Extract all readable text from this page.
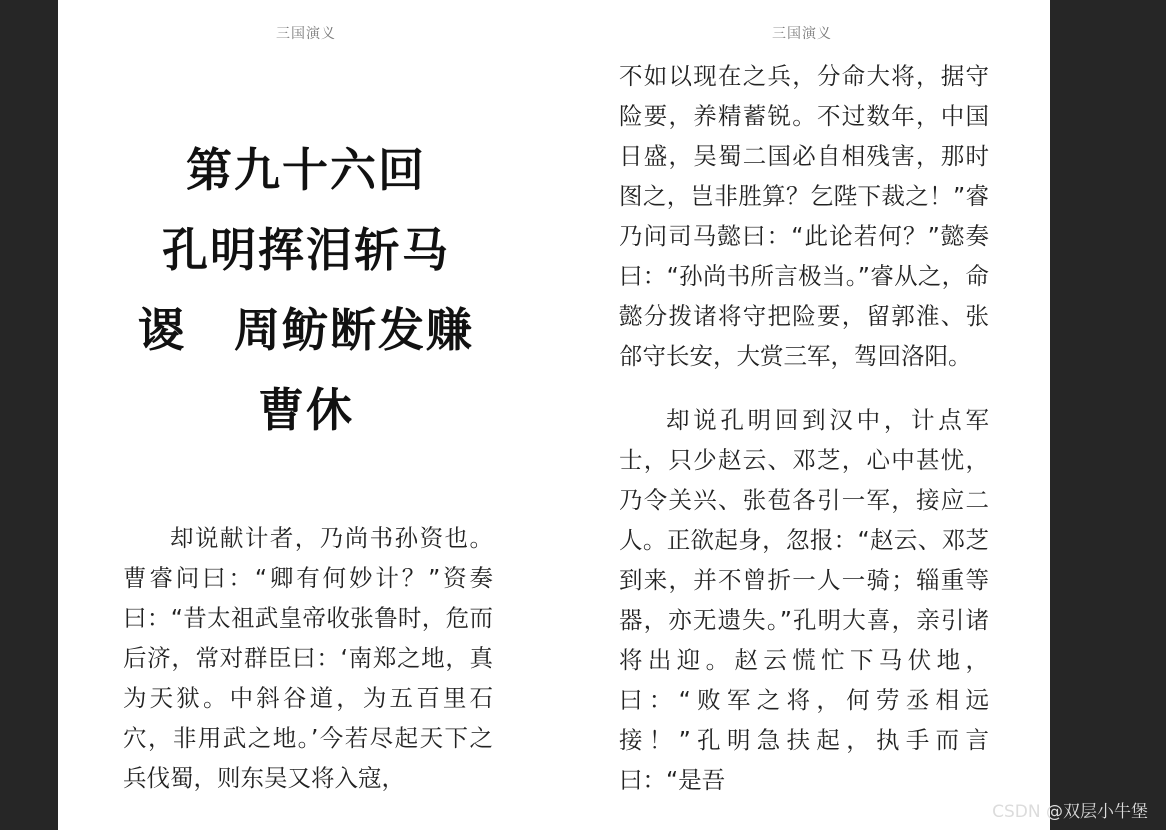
三国演义
第九十六回
孔明挥泪斩马
谡　周鲂断发赚
曹休

却说献计者，乃尚书孙资也。曹睿问曰：“卿有何妙计？”资奏曰：“昔太祖武皇帝收张鲁时，危而后济，常对群臣曰：‘南郑之地，真为天狱。中斜谷道，为五百里石穴，非用武之地。’今若尽起天下之兵伐蜀，则东吴又将入寇，

三国演义

不如以现在之兵，分命大将，据守险要，养精蓄锐。不过数年，中国日盛，吴蜀二国必自相残害，那时图之，岂非胜算？乞陛下裁之！”睿乃问司马懿曰：“此论若何？”懿奏曰：“孙尚书所言极当。”睿从之，命懿分拨诸将守把险要，留郭淮、张郃守长安，大赏三军，驾回洛阳。

却说孔明回到汉中，计点军士，只少赵云、邓芝，心中甚忧，乃令关兴、张苞各引一军，接应二人。正欲起身，忽报：“赵云、邓芝到来，并不曾折一人一骑；辎重等器，亦无遗失。”孔明大喜，亲引诸将出迎。赵云慌忙下马伏地，曰：“败军之将，何劳丞相远接！”孔明急扶起，执手而言曰：“是吾

CSDN @双层小牛堡
